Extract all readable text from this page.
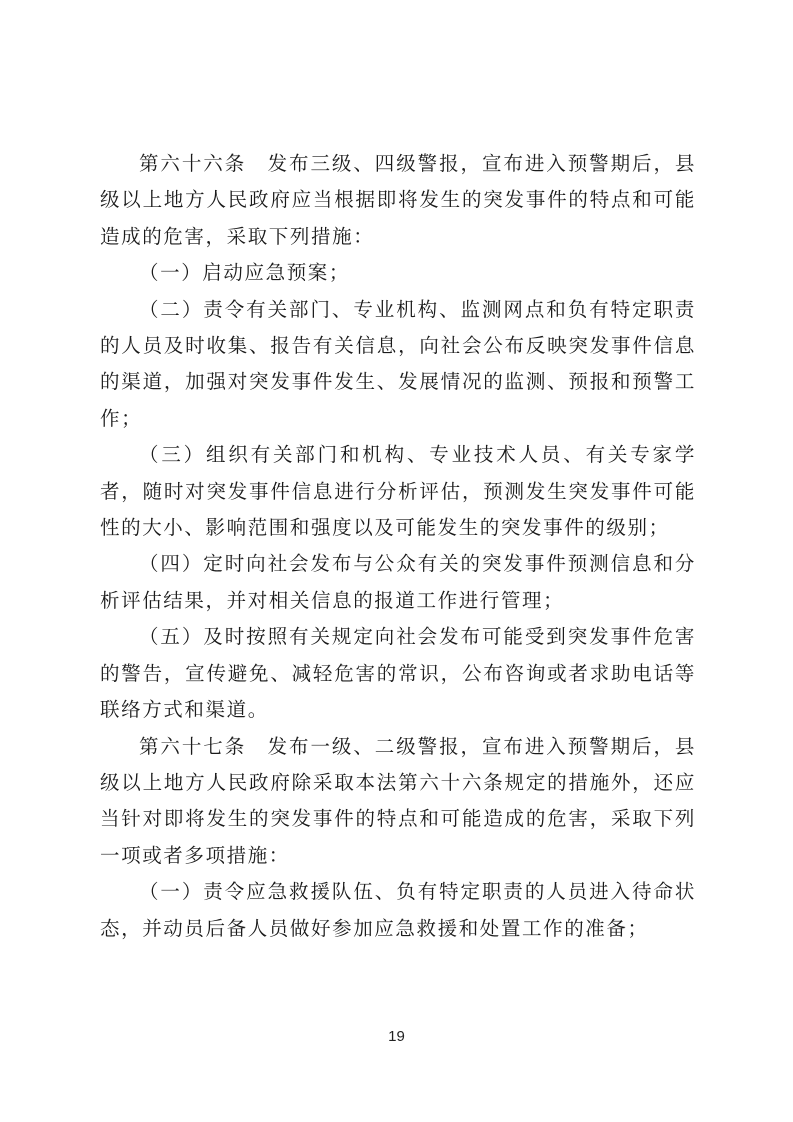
第六十六条　发布三级、四级警报，宣布进入预警期后，县级以上地方人民政府应当根据即将发生的突发事件的特点和可能造成的危害，采取下列措施：

（一）启动应急预案；

（二）责令有关部门、专业机构、监测网点和负有特定职责的人员及时收集、报告有关信息，向社会公布反映突发事件信息的渠道，加强对突发事件发生、发展情况的监测、预报和预警工作；

（三）组织有关部门和机构、专业技术人员、有关专家学者，随时对突发事件信息进行分析评估，预测发生突发事件可能性的大小、影响范围和强度以及可能发生的突发事件的级别；

（四）定时向社会发布与公众有关的突发事件预测信息和分析评估结果，并对相关信息的报道工作进行管理；

（五）及时按照有关规定向社会发布可能受到突发事件危害的警告，宣传避免、减轻危害的常识，公布咨询或者求助电话等联络方式和渠道。

第六十七条　发布一级、二级警报，宣布进入预警期后，县级以上地方人民政府除采取本法第六十六条规定的措施外，还应当针对即将发生的突发事件的特点和可能造成的危害，采取下列一项或者多项措施：

（一）责令应急救援队伍、负有特定职责的人员进入待命状态，并动员后备人员做好参加应急救援和处置工作的准备；

19
